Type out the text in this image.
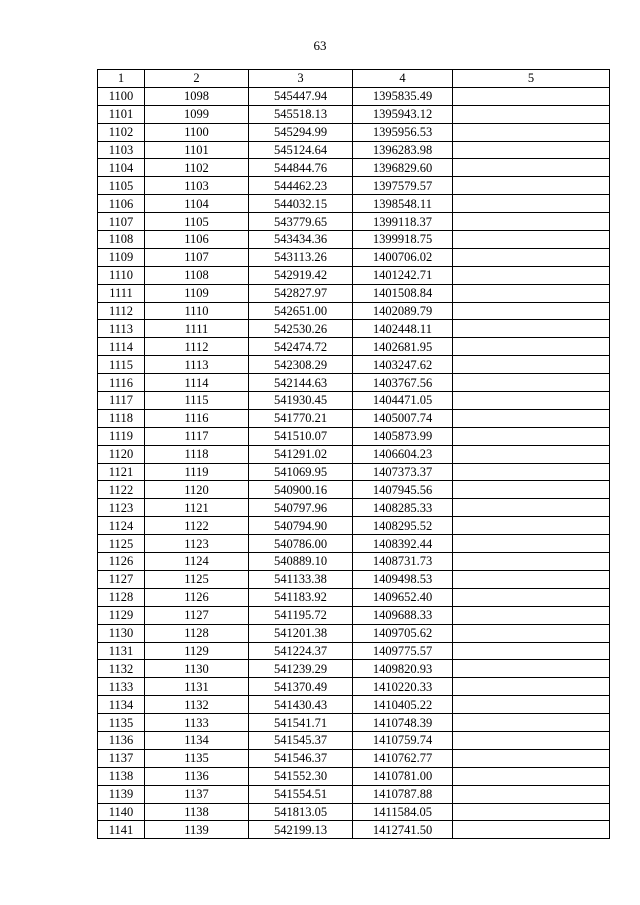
63
1	2	3	4	5
1100	1098	545447.94	1395835.49	
1101	1099	545518.13	1395943.12	
1102	1100	545294.99	1395956.53	
1103	1101	545124.64	1396283.98	
1104	1102	544844.76	1396829.60	
1105	1103	544462.23	1397579.57	
1106	1104	544032.15	1398548.11	
1107	1105	543779.65	1399118.37	
1108	1106	543434.36	1399918.75	
1109	1107	543113.26	1400706.02	
1110	1108	542919.42	1401242.71	
1111	1109	542827.97	1401508.84	
1112	1110	542651.00	1402089.79	
1113	1111	542530.26	1402448.11	
1114	1112	542474.72	1402681.95	
1115	1113	542308.29	1403247.62	
1116	1114	542144.63	1403767.56	
1117	1115	541930.45	1404471.05	
1118	1116	541770.21	1405007.74	
1119	1117	541510.07	1405873.99	
1120	1118	541291.02	1406604.23	
1121	1119	541069.95	1407373.37	
1122	1120	540900.16	1407945.56	
1123	1121	540797.96	1408285.33	
1124	1122	540794.90	1408295.52	
1125	1123	540786.00	1408392.44	
1126	1124	540889.10	1408731.73	
1127	1125	541133.38	1409498.53	
1128	1126	541183.92	1409652.40	
1129	1127	541195.72	1409688.33	
1130	1128	541201.38	1409705.62	
1131	1129	541224.37	1409775.57	
1132	1130	541239.29	1409820.93	
1133	1131	541370.49	1410220.33	
1134	1132	541430.43	1410405.22	
1135	1133	541541.71	1410748.39	
1136	1134	541545.37	1410759.74	
1137	1135	541546.37	1410762.77	
1138	1136	541552.30	1410781.00	
1139	1137	541554.51	1410787.88	
1140	1138	541813.05	1411584.05	
1141	1139	542199.13	1412741.50	
